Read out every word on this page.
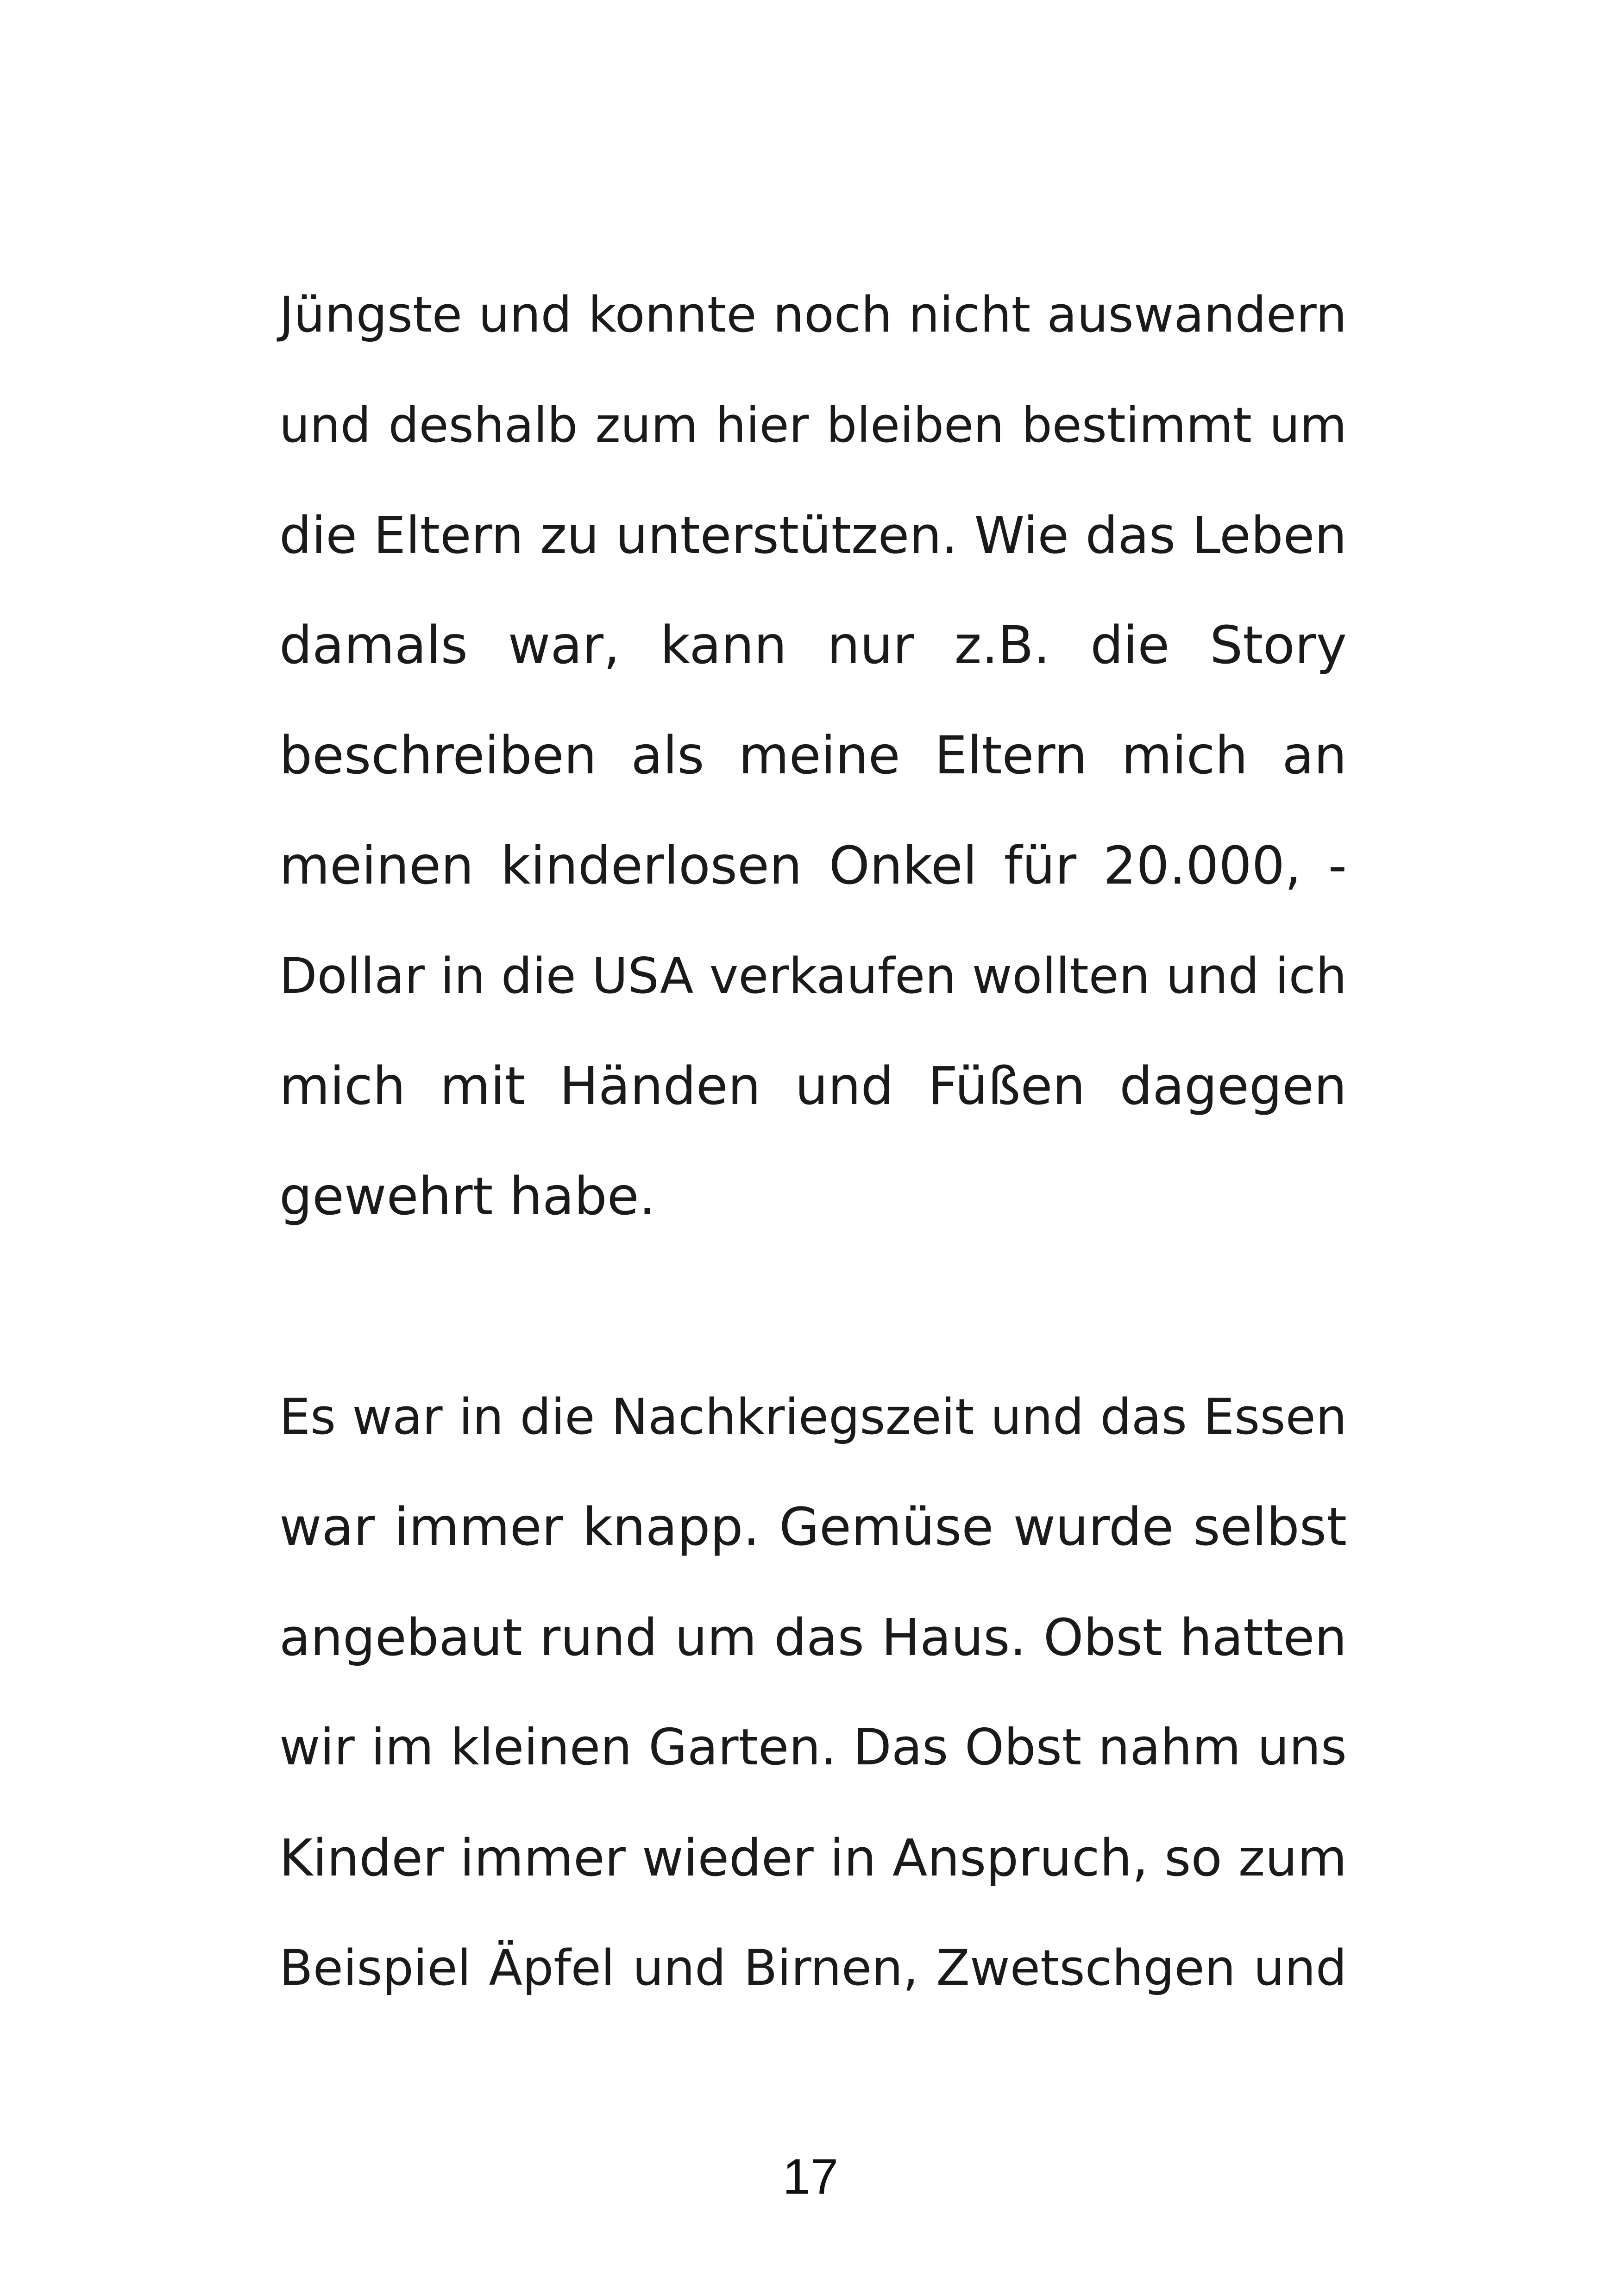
Jüngste und konnte noch nicht auswandern
und deshalb zum hier bleiben bestimmt um
die Eltern zu unterstützen. Wie das Leben
damals war, kann nur z.B. die Story
beschreiben als meine Eltern mich an
meinen kinderlosen Onkel für 20.000, -
Dollar in die USA verkaufen wollten und ich
mich mit Händen und Füßen dagegen
gewehrt habe.
Es war in die Nachkriegszeit und das Essen
war immer knapp. Gemüse wurde selbst
angebaut rund um das Haus. Obst hatten
wir im kleinen Garten. Das Obst nahm uns
Kinder immer wieder in Anspruch, so zum
Beispiel Äpfel und Birnen, Zwetschgen und
17
